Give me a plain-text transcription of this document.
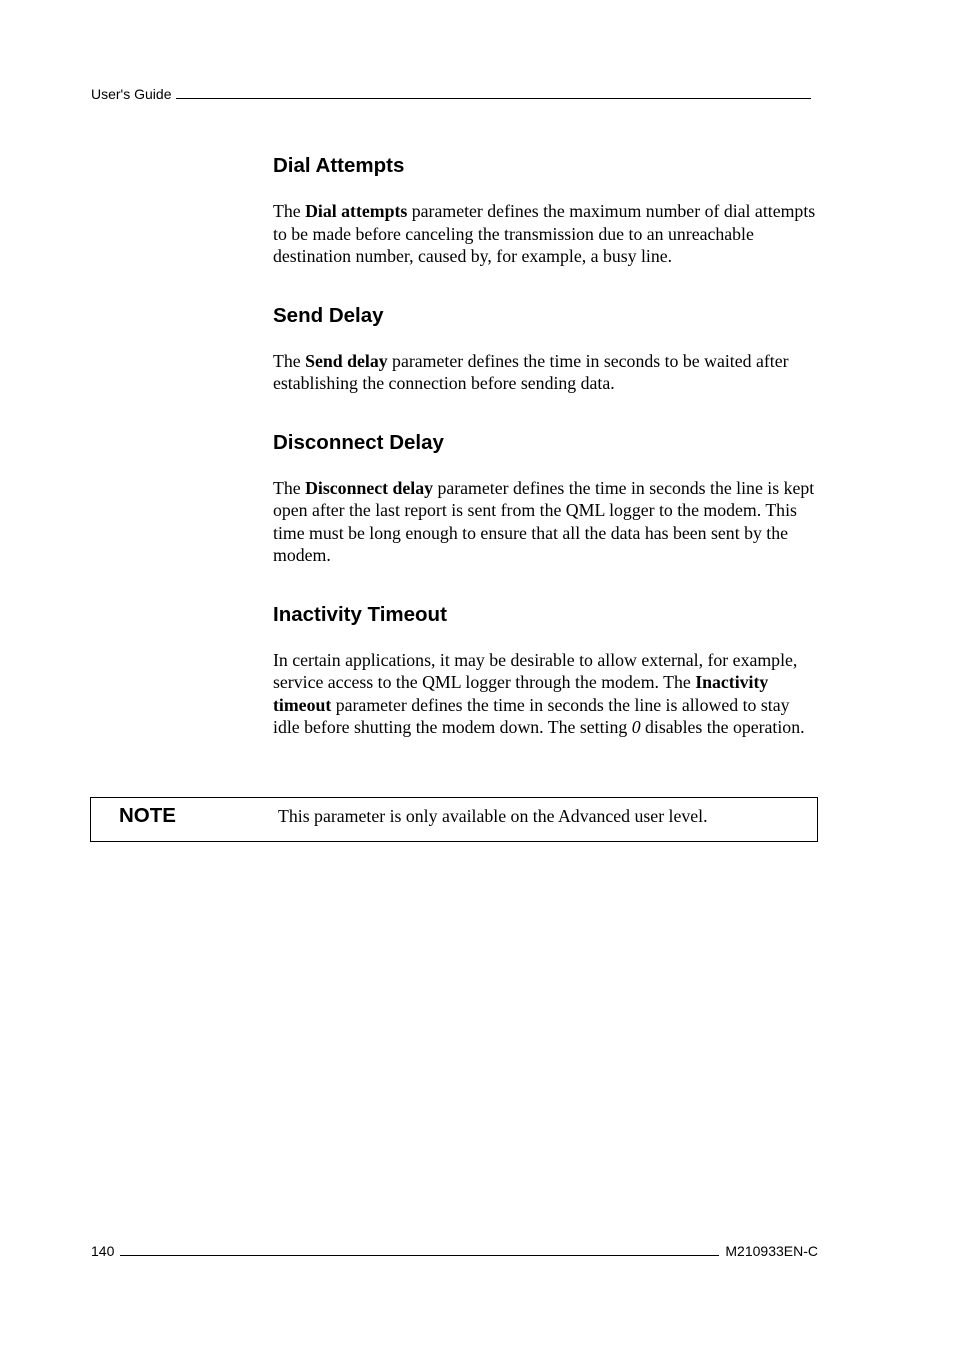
User's Guide
Dial Attempts

The Dial attempts parameter defines the maximum number of dial attempts to be made before canceling the transmission due to an unreachable destination number, caused by, for example, a busy line.

Send Delay

The Send delay parameter defines the time in seconds to be waited after establishing the connection before sending data.

Disconnect Delay

The Disconnect delay parameter defines the time in seconds the line is kept open after the last report is sent from the QML logger to the modem. This time must be long enough to ensure that all the data has been sent by the modem.

Inactivity Timeout

In certain applications, it may be desirable to allow external, for example, service access to the QML logger through the modem. The Inactivity timeout parameter defines the time in seconds the line is allowed to stay idle before shutting the modem down. The setting 0 disables the operation.

NOTE	This parameter is only available on the Advanced user level.
140	M210933EN-C
